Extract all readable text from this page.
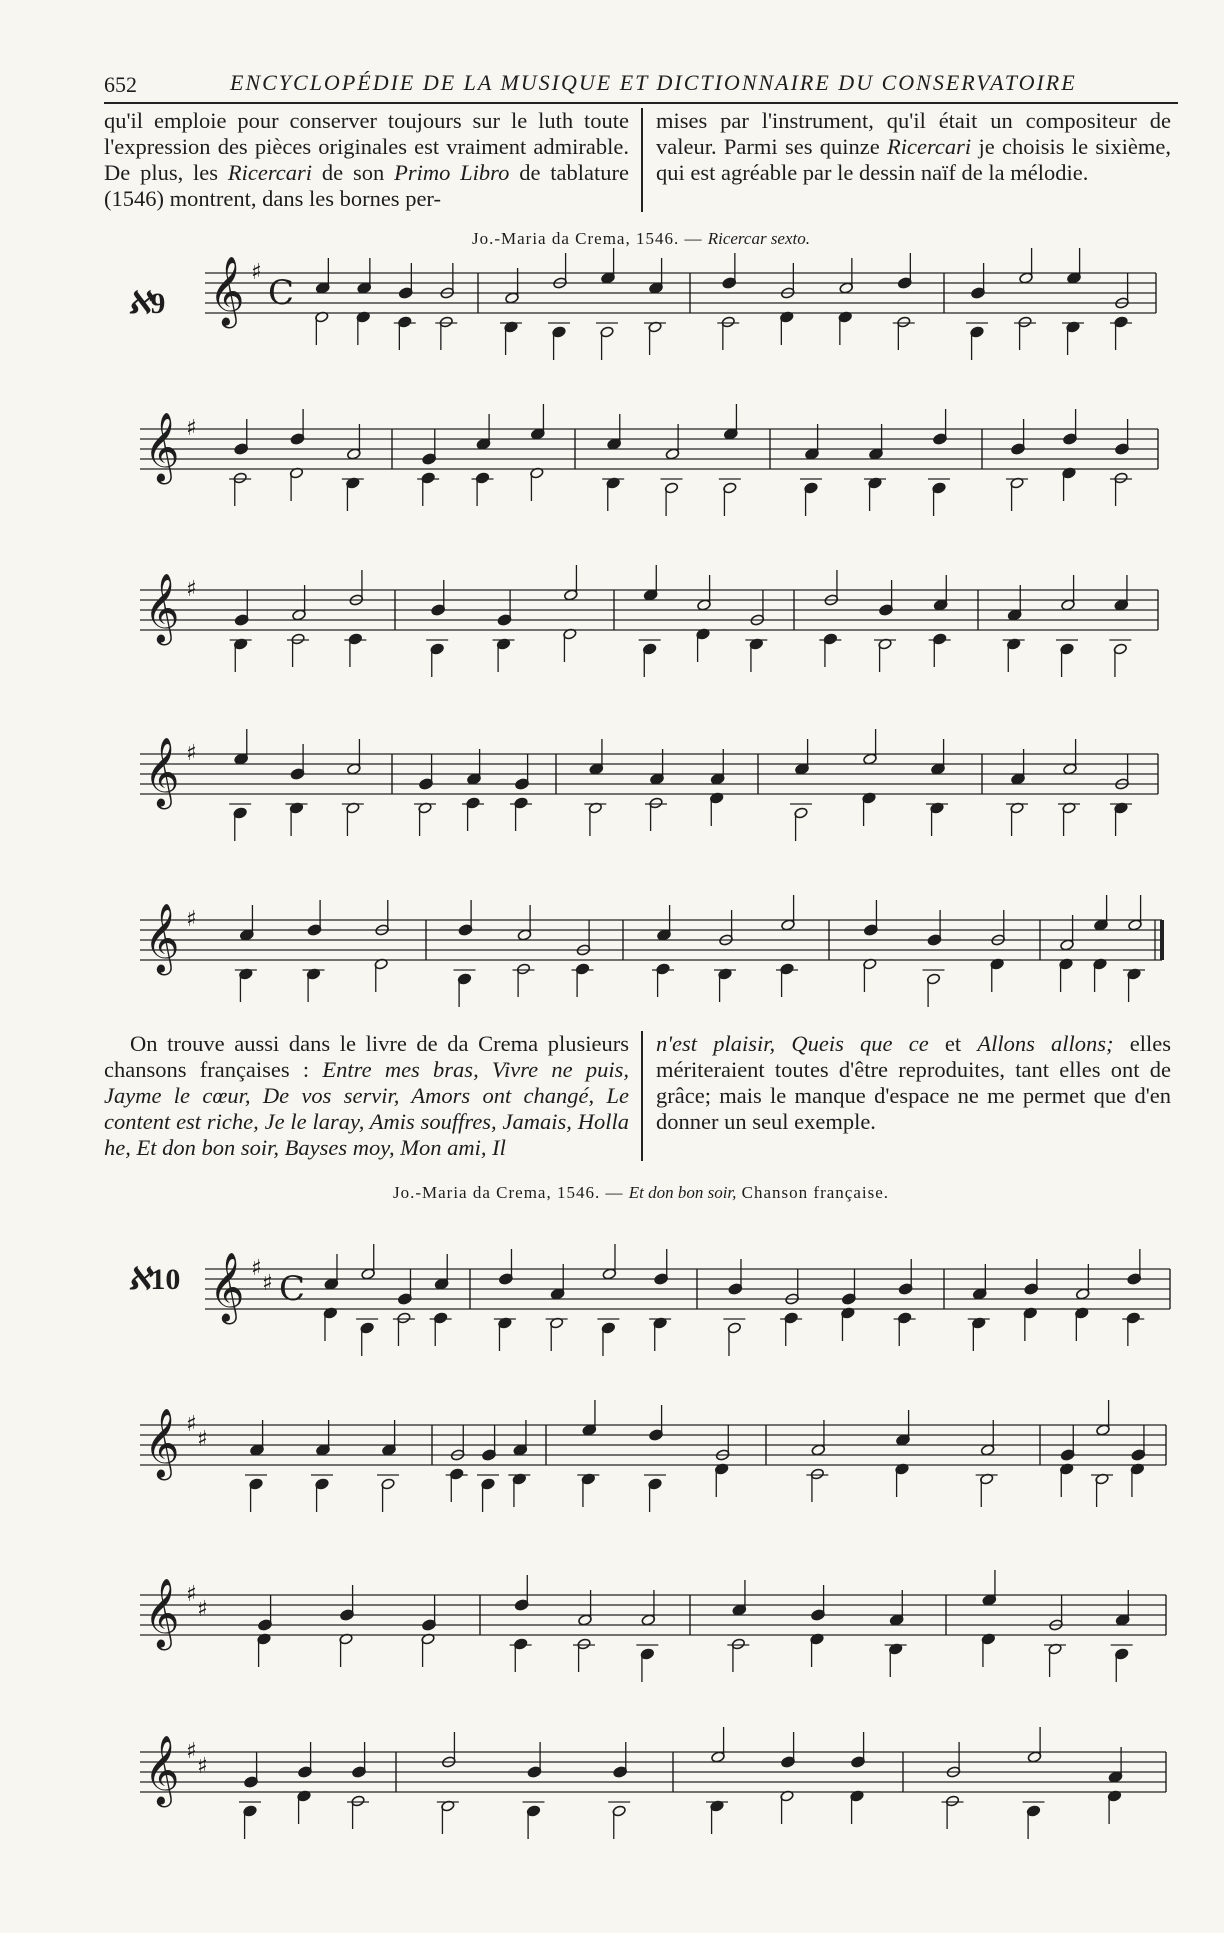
652	ENCYCLOPÉDIE DE LA MUSIQUE ET DICTIONNAIRE DU CONSERVATOIRE

qu'il emploie pour conserver toujours sur le luth toute l'expression des pièces originales est vraiment admirable. De plus, les Ricercari de son Primo Libro de tablature (1546) montrent, dans les bornes per-

mises par l'instrument, qu'il était un compositeur de valeur. Parmi ses quinze Ricercari je choisis le sixième, qui est agréable par le dessin naïf de la mélodie.

Jo.-Maria da Crema, 1546. — Ricercar sexto.
ℵ9

On trouve aussi dans le livre de da Crema plusieurs chansons françaises : Entre mes bras, Vivre ne puis, Jayme le cœur, De vos servir, Amors ont changé, Le content est riche, Je le laray, Amis souffres, Jamais, Holla he, Et don bon soir, Bayses moy, Mon ami, Il

n'est plaisir, Queis que ce et Allons allons; elles mériteraient toutes d'être reproduites, tant elles ont de grâce; mais le manque d'espace ne me permet que d'en donner un seul exemple.

Jo.-Maria da Crema, 1546. — Et don bon soir, Chanson française.
ℵ10
𝄞 ♯
C
𝄞 ♯
𝄞 ♯
𝄞 ♯
𝄞 ♯
𝄞 ♯
♯ C
𝄞 ♯
♯
𝄞 ♯
♯
𝄞 ♯
♯
